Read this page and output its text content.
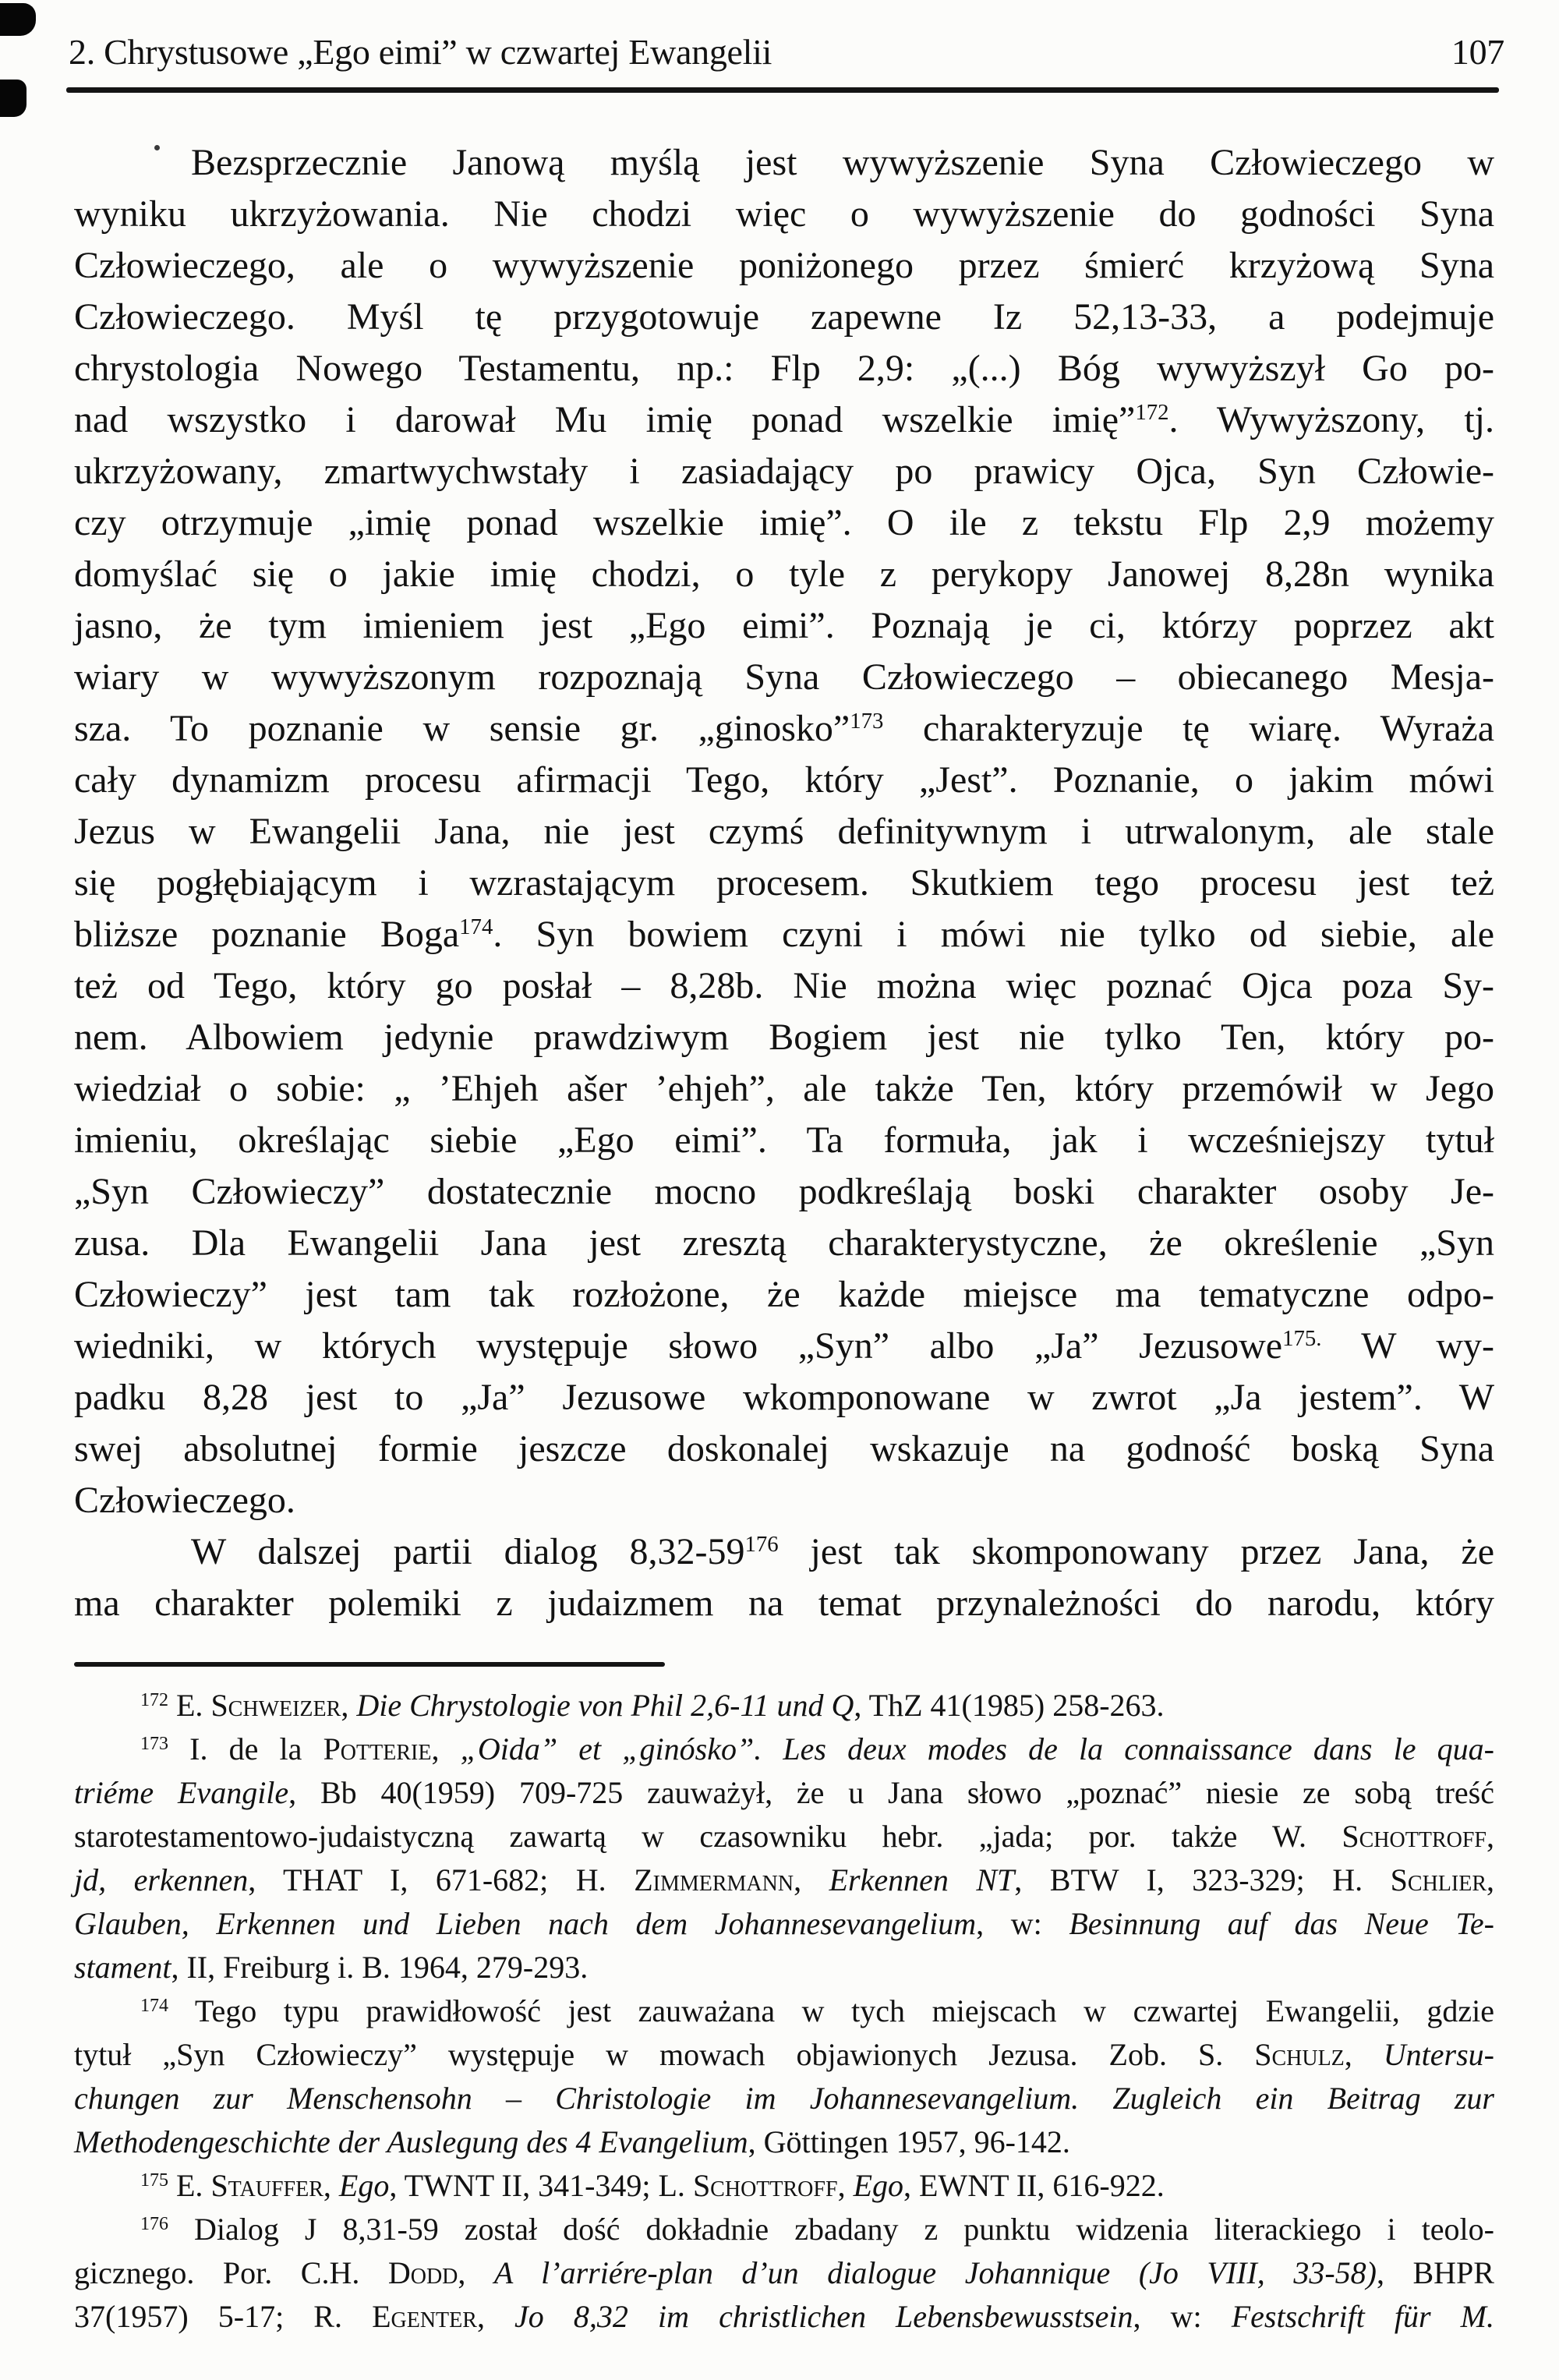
2. Chrystusowe „Ego eimi” w czwartej Ewangelii	107
Bezsprzecznie Janową myślą jest wywyższenie Syna Człowieczego w
wyniku ukrzyżowania. Nie chodzi więc o wywyższenie do godności Syna
Człowieczego, ale o wywyższenie poniżonego przez śmierć krzyżową Syna
Człowieczego. Myśl tę przygotowuje zapewne Iz 52,13-33, a podejmuje
chrystologia Nowego Testamentu, np.: Flp 2,9: „(...) Bóg wywyższył Go po-
nad wszystko i darował Mu imię ponad wszelkie imię”$^{172}$. Wywyższony, tj.
ukrzyżowany, zmartwychwstały i zasiadający po prawicy Ojca, Syn Człowie-
czy otrzymuje „imię ponad wszelkie imię”. O ile z tekstu Flp 2,9 możemy
domyślać się o jakie imię chodzi, o tyle z perykopy Janowej 8,28n wynika
jasno, że tym imieniem jest „Ego eimi”. Poznają je ci, którzy poprzez akt
wiary w wywyższonym rozpoznają Syna Człowieczego – obiecanego Mesja-
sza. To poznanie w sensie gr. „ginosko”$^{173}$ charakteryzuje tę wiarę. Wyraża
cały dynamizm procesu afirmacji Tego, który „Jest”. Poznanie, o jakim mówi
Jezus w Ewangelii Jana, nie jest czymś definitywnym i utrwalonym, ale stale
się pogłębiającym i wzrastającym procesem. Skutkiem tego procesu jest też
bliższe poznanie Boga$^{174}$. Syn bowiem czyni i mówi nie tylko od siebie, ale
też od Tego, który go posłał – 8,28b. Nie można więc poznać Ojca poza Sy-
nem. Albowiem jedynie prawdziwym Bogiem jest nie tylko Ten, który po-
wiedział o sobie: „ ’Ehjeh ašer ’ehjeh”, ale także Ten, który przemówił w Jego
imieniu, określając siebie „Ego eimi”. Ta formuła, jak i wcześniejszy tytuł
„Syn Człowieczy” dostatecznie mocno podkreślają boski charakter osoby Je-
zusa. Dla Ewangelii Jana jest zresztą charakterystyczne, że określenie „Syn
Człowieczy” jest tam tak rozłożone, że każde miejsce ma tematyczne odpo-
wiedniki, w których występuje słowo „Syn” albo „Ja” Jezusowe$^{175.}$ W wy-
padku 8,28 jest to „Ja” Jezusowe wkomponowane w zwrot „Ja jestem”. W
swej absolutnej formie jeszcze doskonalej wskazuje na godność boską Syna
Człowieczego.
W dalszej partii dialog $8,32-59^{176}$ jest tak skomponowany przez Jana, że
ma charakter polemiki z judaizmem na temat przynależności do narodu, który
$^{172}$ E. Schweizer, Die Chrystologie von Phil 2,6-11 und Q, ThZ 41(1985) 258-263.
$^{173}$ I. de la Potterie, „Oida” et „ginósko”. Les deux modes de la connaissance dans le qua-
triéme Evangile, Bb 40(1959) 709-725 zauważył, że u Jana słowo „poznać” niesie ze sobą treść
starotestamentowo-judaistyczną zawartą w czasowniku hebr. „jada; por. także W. Schottroff,
jd, erkennen, THAT I, 671-682; H. Zimmermann, Erkennen NT, BTW I, 323-329; H. Schlier,
Glauben, Erkennen und Lieben nach dem Johannesevangelium, w: Besinnung auf das Neue Te-
stament, II, Freiburg i. B. 1964, 279-293.
$^{174}$ Tego typu prawidłowość jest zauważana w tych miejscach w czwartej Ewangelii, gdzie
tytuł „Syn Człowieczy” występuje w mowach objawionych Jezusa. Zob. S. Schulz, Untersu-
chungen zur Menschensohn – Christologie im Johannesevangelium. Zugleich ein Beitrag zur
Methodengeschichte der Auslegung des 4 Evangelium, Göttingen 1957, 96-142.
$^{175}$ E. Stauffer, Ego, TWNT II, 341-349; L. Schottroff, Ego, EWNT II, 616-922.
$^{176}$ Dialog J 8,31-59 został dość dokładnie zbadany z punktu widzenia literackiego i teolo-
gicznego. Por. C.H. Dodd, A l’arriére-plan d’un dialogue Johannique (Jo VIII, 33-58), BHPR
37(1957) 5-17; R. Egenter, Jo 8,32 im christlichen Lebensbewusstsein, w: Festschrift für M.
